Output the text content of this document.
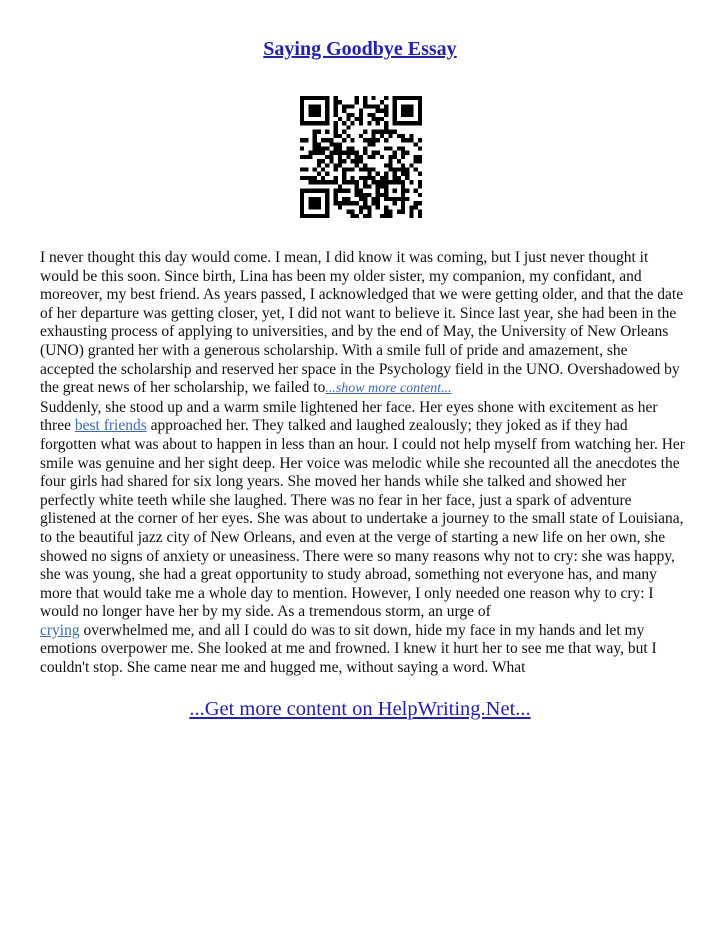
Saying Goodbye Essay

I never thought this day would come. I mean, I did know it was coming, but I just never thought it would be this soon. Since birth, Lina has been my older sister, my companion, my confidant, and moreover, my best friend. As years passed, I acknowledged that we were getting older, and that the date of her departure was getting closer, yet, I did not want to believe it. Since last year, she had been in the exhausting process of applying to universities, and by the end of May, the University of New Orleans (UNO) granted her with a generous scholarship. With a smile full of pride and amazement, she accepted the scholarship and reserved her space in the Psychology field in the UNO. Overshadowed by the great news of her scholarship, we failed to...show more content...
Suddenly, she stood up and a warm smile lightened her face. Her eyes shone with excitement as her three best friends approached her. They talked and laughed zealously; they joked as if they had forgotten what was about to happen in less than an hour. I could not help myself from watching her. Her smile was genuine and her sight deep. Her voice was melodic while she recounted all the anecdotes the four girls had shared for six long years. She moved her hands while she talked and showed her perfectly white teeth while she laughed. There was no fear in her face, just a spark of adventure glistened at the corner of her eyes. She was about to undertake a journey to the small state of Louisiana, to the beautiful jazz city of New Orleans, and even at the verge of starting a new life on her own, she showed no signs of anxiety or uneasiness. There were so many reasons why not to cry: she was happy, she was young, she had a great opportunity to study abroad, something not everyone has, and many more that would take me a whole day to mention. However, I only needed one reason why to cry: I would no longer have her by my side. As a tremendous storm, an urge of
crying overwhelmed me, and all I could do was to sit down, hide my face in my hands and let my emotions overpower me. She looked at me and frowned. I knew it hurt her to see me that way, but I couldn't stop. She came near me and hugged me, without saying a word. What

...Get more content on HelpWriting.Net...
